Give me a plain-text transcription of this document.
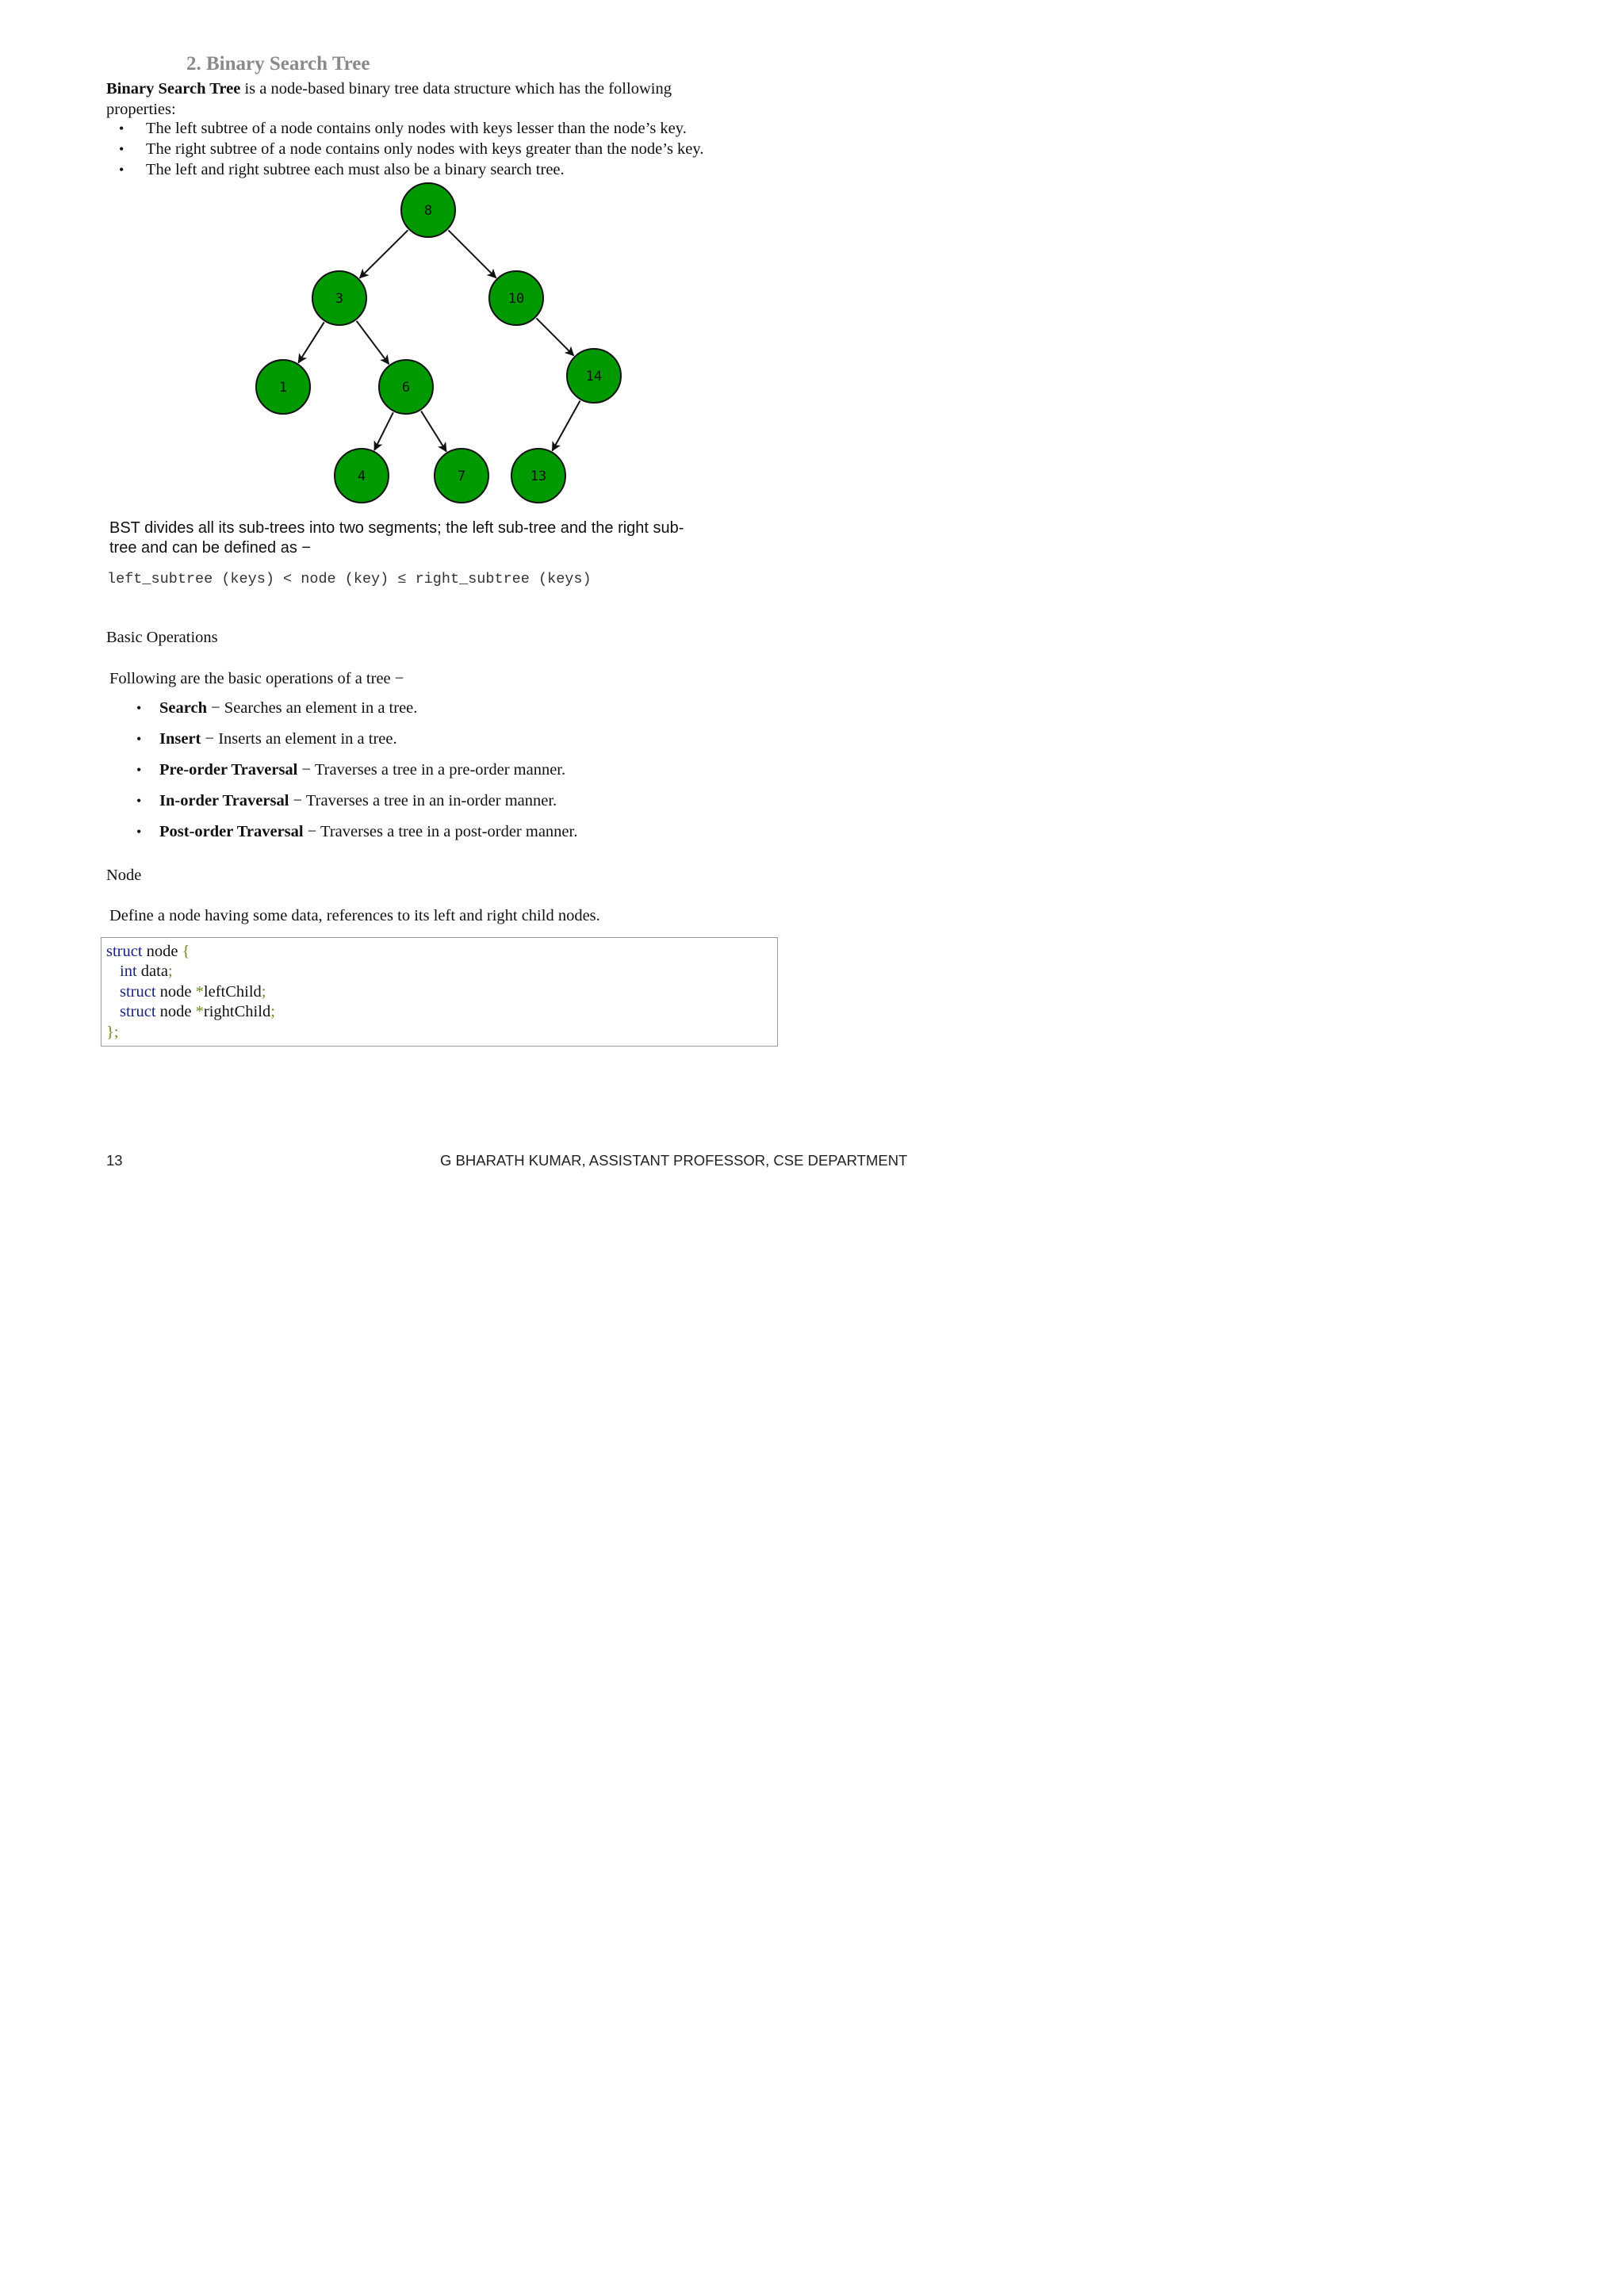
2. Binary Search Tree
Binary Search Tree is a node-based binary tree data structure which has the following
properties:
• The left subtree of a node contains only nodes with keys lesser than the node’s key.
• The right subtree of a node contains only nodes with keys greater than the node’s key.
• The left and right subtree each must also be a binary search tree.
8
3	10
1	6
14
4	7	13
BST divides all its sub-trees into two segments; the left sub-tree and the right sub-
tree and can be defined as −
left_subtree (keys) < node (key) ≤ right_subtree (keys)
Basic Operations
Following are the basic operations of a tree −
• Search − Searches an element in a tree.
• Insert − Inserts an element in a tree.
• Pre-order Traversal − Traverses a tree in a pre-order manner.
• In-order Traversal − Traverses a tree in an in-order manner.
• Post-order Traversal − Traverses a tree in a post-order manner.
Node
Define a node having some data, references to its left and right child nodes.
struct node {
int data;
struct node *leftChild;
struct node *rightChild;
};
13	G BHARATH KUMAR, ASSISTANT PROFESSOR, CSE DEPARTMENT
